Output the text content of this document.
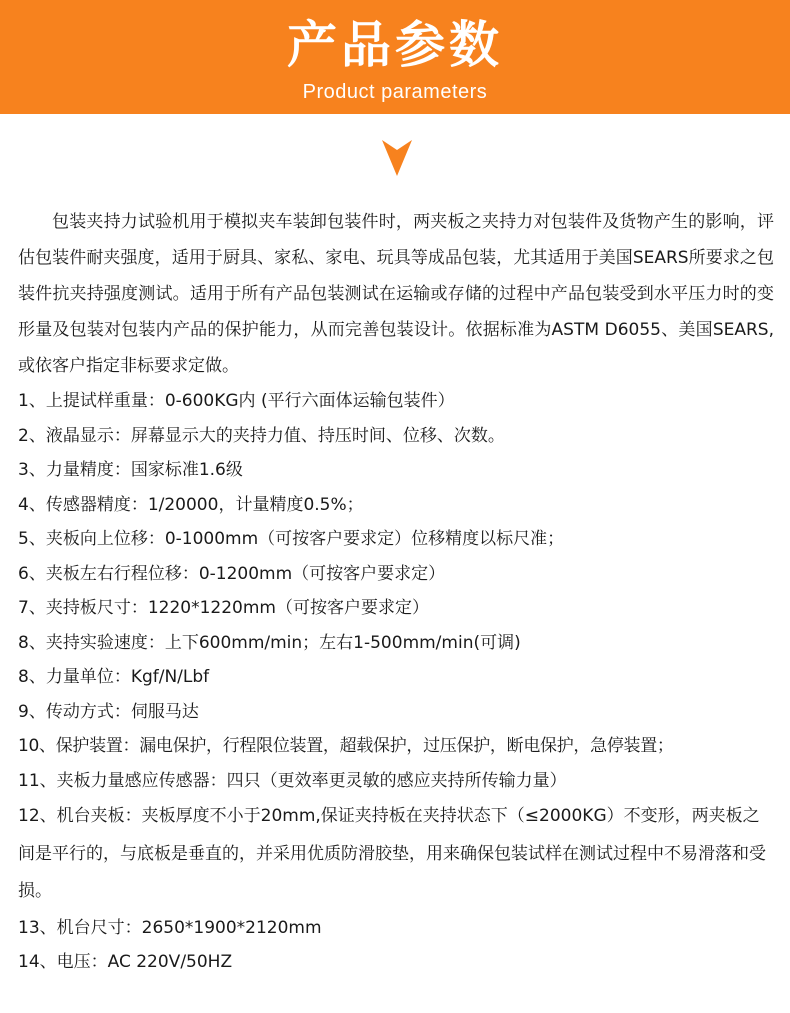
产品参数
Product parameters

包装夹持力试验机用于模拟夹车装卸包装件时，两夹板之夹持力对包装件及货物产生的影响，评估包装件耐夹强度，适用于厨具、家私、家电、玩具等成品包装，尤其适用于美国SEARS所要求之包装件抗夹持强度测试。适用于所有产品包装测试在运输或存储的过程中产品包装受到水平压力时的变形量及包装对包装内产品的保护能力，从而完善包装设计。依据标准为ASTM D6055、美国SEARS,或依客户指定非标要求定做。

1、上提试样重量：0-600KG内 (平行六面体运输包装件）
2、液晶显示：屏幕显示大的夹持力值、持压时间、位移、次数。
3、力量精度：国家标准1.6级
4、传感器精度：1/20000，计量精度0.5%；
5、夹板向上位移：0-1000mm（可按客户要求定）位移精度以标尺准；
6、夹板左右行程位移：0-1200mm（可按客户要求定）
7、夹持板尺寸：1220*1220mm（可按客户要求定）
8、夹持实验速度：上下600mm/min；左右1-500mm/min(可调)
8、力量单位：Kgf/N/Lbf
9、传动方式：伺服马达
10、保护装置：漏电保护，行程限位装置，超载保护，过压保护，断电保护，急停装置；
11、夹板力量感应传感器：四只（更效率更灵敏的感应夹持所传输力量）
12、机台夹板：夹板厚度不小于20mm,保证夹持板在夹持状态下（≤2000KG）不变形，两夹板之间是平行的，与底板是垂直的，并采用优质防滑胶垫，用来确保包装试样在测试过程中不易滑落和受损。
13、机台尺寸：2650*1900*2120mm
14、电压：AC 220V/50HZ
